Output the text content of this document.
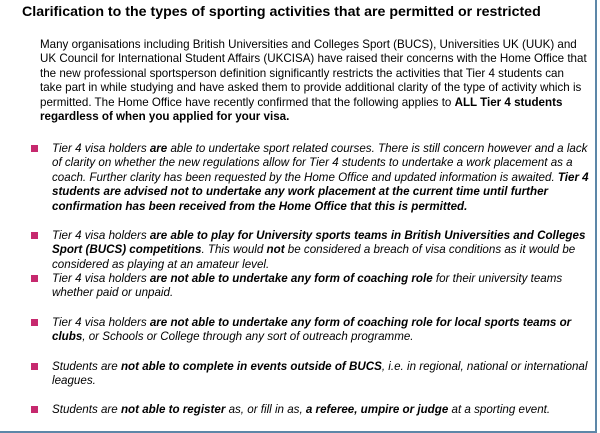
Clarification to the types of sporting activities that are permitted or restricted

Many organisations including British Universities and Colleges Sport (BUCS), Universities UK (UUK) and UK Council for International Student Affairs (UKCISA) have raised their concerns with the Home Office that the new professional sportsperson definition significantly restricts the activities that Tier 4 students can take part in while studying and have asked them to provide additional clarity of the type of activity which is permitted. The Home Office have recently confirmed that the following applies to ALL Tier 4 students regardless of when you applied for your visa.

Tier 4 visa holders are able to undertake sport related courses. There is still concern however and a lack of clarity on whether the new regulations allow for Tier 4 students to undertake a work placement as a coach. Further clarity has been requested by the Home Office and updated information is awaited. Tier 4 students are advised not to undertake any work placement at the current time until further confirmation has been received from the Home Office that this is permitted.

Tier 4 visa holders are able to play for University sports teams in British Universities and Colleges Sport (BUCS) competitions. This would not be considered a breach of visa conditions as it would be considered as playing at an amateur level.

Tier 4 visa holders are not able to undertake any form of coaching role for their university teams whether paid or unpaid.

Tier 4 visa holders are not able to undertake any form of coaching role for local sports teams or clubs, or Schools or College through any sort of outreach programme.

Students are not able to complete in events outside of BUCS, i.e. in regional, national or international leagues.

Students are not able to register as, or fill in as, a referee, umpire or judge at a sporting event.
